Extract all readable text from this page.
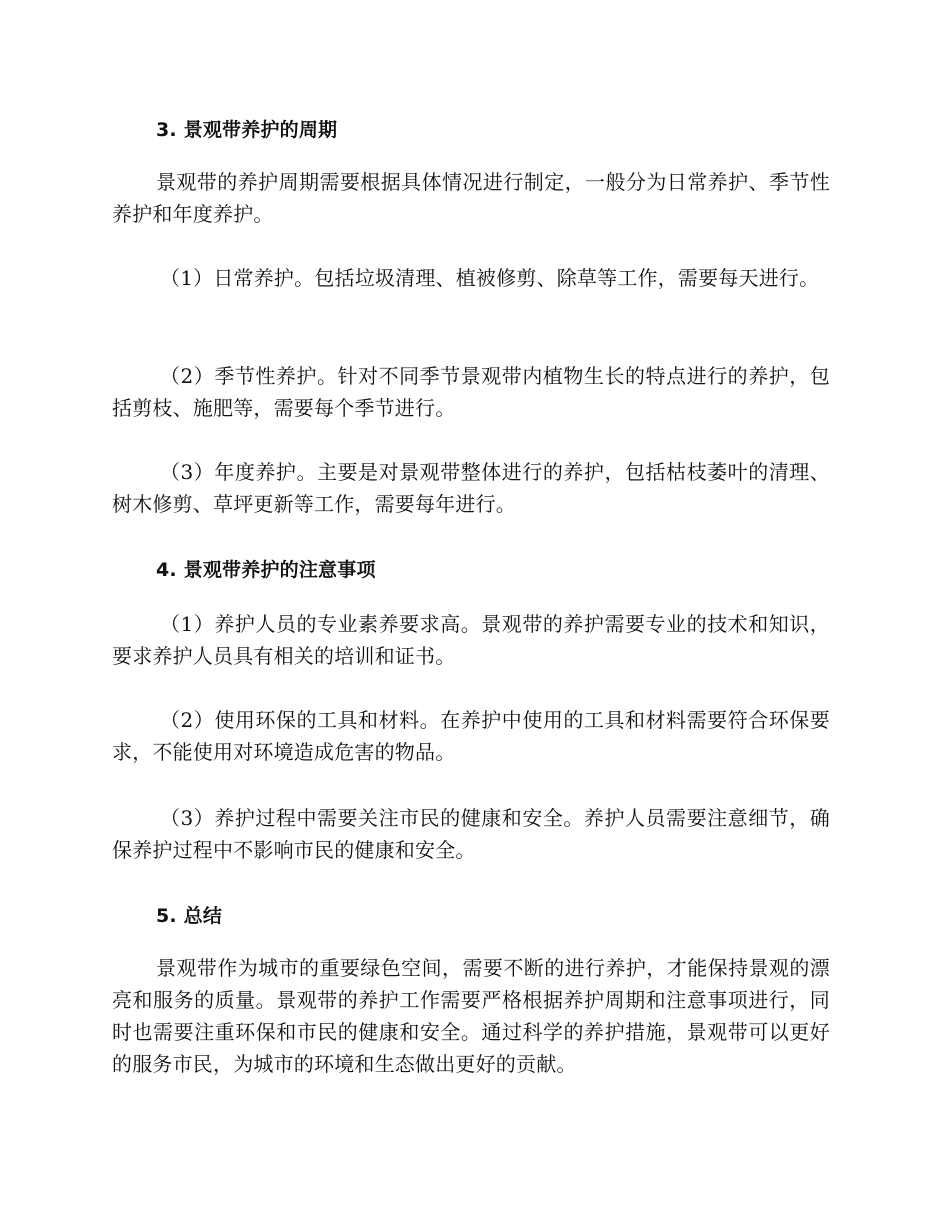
3. 景观带养护的周期

景观带的养护周期需要根据具体情况进行制定，一般分为日常养护、季节性养护和年度养护。

（1）日常养护。包括垃圾清理、植被修剪、除草等工作，需要每天进行。

（2）季节性养护。针对不同季节景观带内植物生长的特点进行的养护，包括剪枝、施肥等，需要每个季节进行。

（3）年度养护。主要是对景观带整体进行的养护，包括枯枝萎叶的清理、树木修剪、草坪更新等工作，需要每年进行。

4. 景观带养护的注意事项

（1）养护人员的专业素养要求高。景观带的养护需要专业的技术和知识，要求养护人员具有相关的培训和证书。

（2）使用环保的工具和材料。在养护中使用的工具和材料需要符合环保要求，不能使用对环境造成危害的物品。

（3）养护过程中需要关注市民的健康和安全。养护人员需要注意细节，确保养护过程中不影响市民的健康和安全。

5. 总结

景观带作为城市的重要绿色空间，需要不断的进行养护，才能保持景观的漂亮和服务的质量。景观带的养护工作需要严格根据养护周期和注意事项进行，同时也需要注重环保和市民的健康和安全。通过科学的养护措施，景观带可以更好的服务市民，为城市的环境和生态做出更好的贡献。
